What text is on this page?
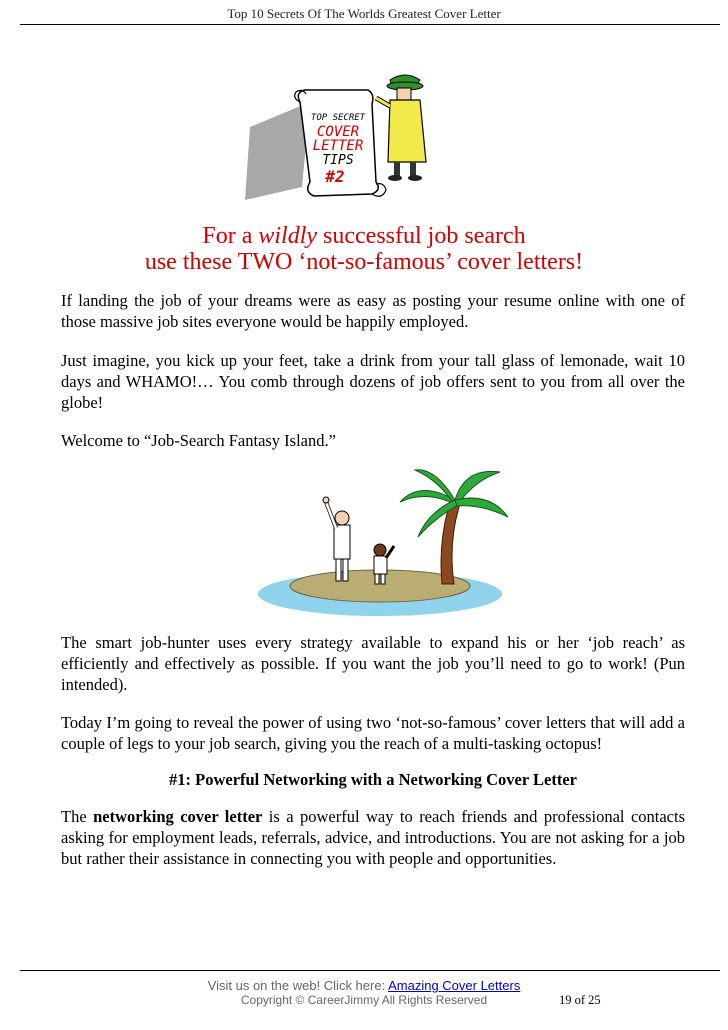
Top 10 Secrets Of The Worlds Greatest Cover Letter
TOP SECRET
COVER
LETTER
TIPS
#2
For a wildly successful job search
use these TWO ‘not-so-famous’ cover letters!

If landing the job of your dreams were as easy as posting your resume online with one of those massive job sites everyone would be happily employed.

Just imagine, you kick up your feet, take a drink from your tall glass of lemonade, wait 10 days and WHAMO!… You comb through dozens of job offers sent to you from all over the globe!

Welcome to “Job-Search Fantasy Island.”

The smart job-hunter uses every strategy available to expand his or her ‘job reach’ as efficiently and effectively as possible. If you want the job you’ll need to go to work! (Pun intended).

Today I’m going to reveal the power of using two ‘not-so-famous’ cover letters that will add a couple of legs to your job search, giving you the reach of a multi-tasking octopus!

#1: Powerful Networking with a Networking Cover Letter

The networking cover letter is a powerful way to reach friends and professional contacts asking for employment leads, referrals, advice, and introductions. You are not asking for a job but rather their assistance in connecting you with people and opportunities.

Visit us on the web! Click here: Amazing Cover Letters
Copyright © CareerJimmy All Rights Reserved	19 of 25
